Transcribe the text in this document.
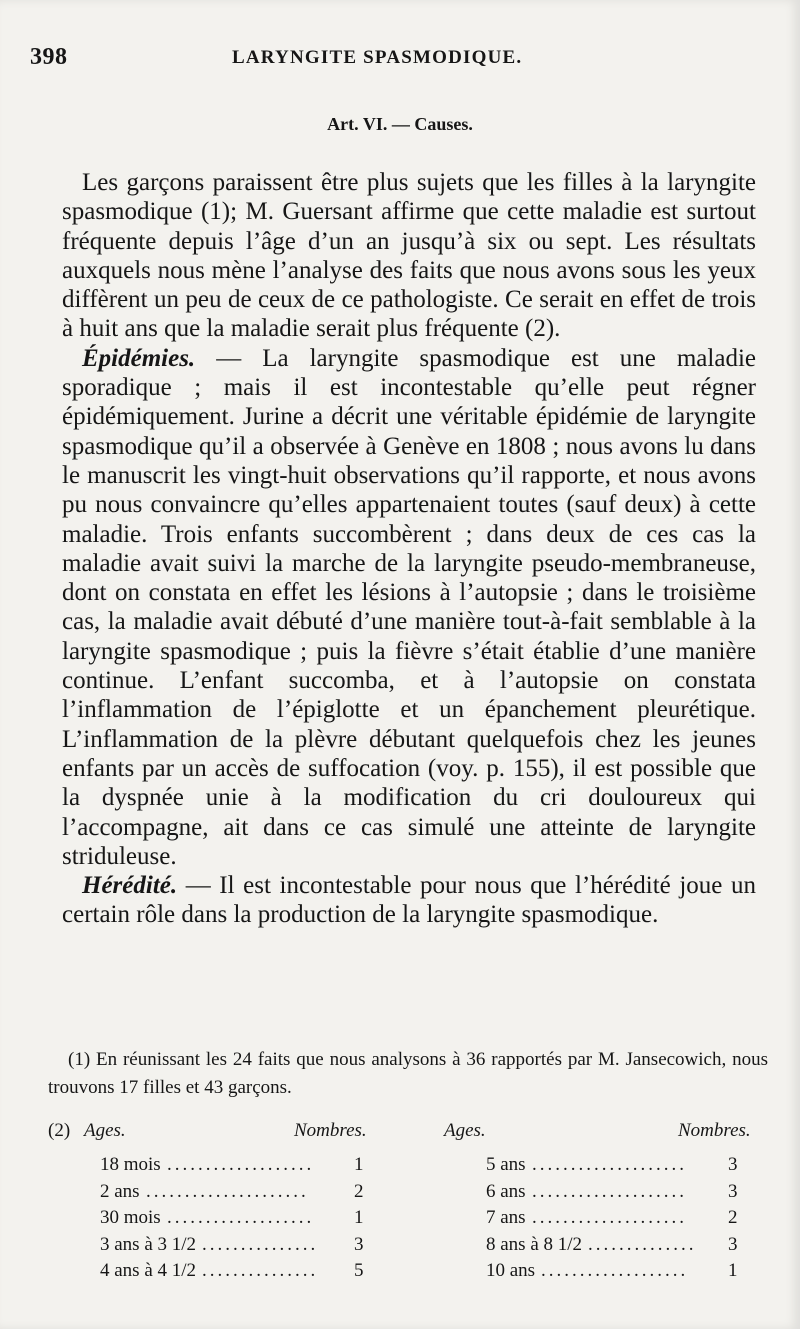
398	LARYNGITE SPASMODIQUE.
Art. VI. — Causes.

Les garçons paraissent être plus sujets que les filles à la laryngite spasmodique (1); M. Guersant affirme que cette maladie est surtout fréquente depuis l’âge d’un an jusqu’à six ou sept. Les résultats auxquels nous mène l’analyse des faits que nous avons sous les yeux diffèrent un peu de ceux de ce pathologiste. Ce serait en effet de trois à huit ans que la maladie serait plus fréquente (2).

Épidémies. — La laryngite spasmodique est une maladie sporadique ; mais il est incontestable qu’elle peut régner épidémiquement. Jurine a décrit une véritable épidémie de laryngite spasmodique qu’il a observée à Genève en 1808 ; nous avons lu dans le manuscrit les vingt-huit observations qu’il rapporte, et nous avons pu nous convaincre qu’elles appartenaient toutes (sauf deux) à cette maladie. Trois enfants succombèrent ; dans deux de ces cas la maladie avait suivi la marche de la laryngite pseudo-membraneuse, dont on constata en effet les lésions à l’autopsie ; dans le troisième cas, la maladie avait débuté d’une manière tout-à-fait semblable à la laryngite spasmodique ; puis la fièvre s’était établie d’une manière continue. L’enfant succomba, et à l’autopsie on constata l’inflammation de l’épiglotte et un épanchement pleurétique. L’inflammation de la plèvre débutant quelquefois chez les jeunes enfants par un accès de suffocation (voy. p. 155), il est possible que la dyspnée unie à la modification du cri douloureux qui l’accompagne, ait dans ce cas simulé une atteinte de laryngite striduleuse.

Hérédité. — Il est incontestable pour nous que l’hérédité joue un certain rôle dans la production de la laryngite spasmodique.

(1) En réunissant les 24 faits que nous analysons à 36 rapportés par M. Jansecowich, nous trouvons 17 filles et 43 garçons.

(2) Ages.	Nombres.	Ages.	Nombres.
18 mois ................... 1	5 ans .................... 3
2 ans ..................... 2	6 ans .................... 3
30 mois ................... 1	7 ans .................... 2
3 ans à 3 1/2 ............... 3	8 ans à 8 1/2 .............. 3
4 ans à 4 1/2 ............... 5	10 ans ................... 1
